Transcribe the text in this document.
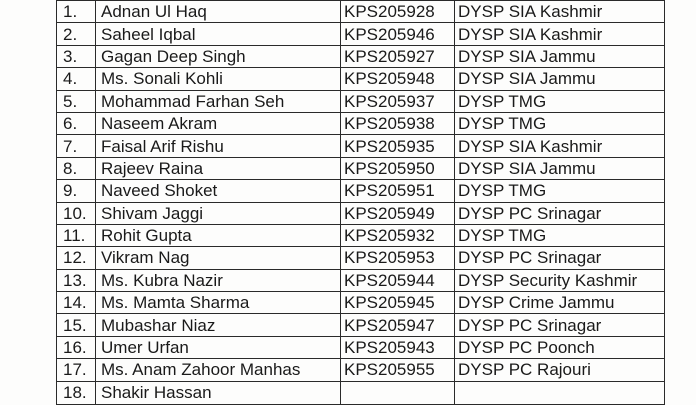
1.	Adnan Ul Haq	KPS205928	DYSP SIA Kashmir
2.	Saheel Iqbal	KPS205946	DYSP SIA Kashmir
3.	Gagan Deep Singh	KPS205927	DYSP SIA Jammu
4.	Ms. Sonali Kohli	KPS205948	DYSP SIA Jammu
5.	Mohammad Farhan Seh	KPS205937	DYSP TMG
6.	Naseem Akram	KPS205938	DYSP TMG
7.	Faisal Arif Rishu	KPS205935	DYSP SIA Kashmir
8.	Rajeev Raina	KPS205950	DYSP SIA Jammu
9.	Naveed Shoket	KPS205951	DYSP TMG
10.	Shivam Jaggi	KPS205949	DYSP PC Srinagar
11.	Rohit Gupta	KPS205932	DYSP TMG
12.	Vikram Nag	KPS205953	DYSP PC Srinagar
13.	Ms. Kubra Nazir	KPS205944	DYSP Security Kashmir
14.	Ms. Mamta Sharma	KPS205945	DYSP Crime Jammu
15.	Mubashar Niaz	KPS205947	DYSP PC Srinagar
16.	Umer Urfan	KPS205943	DYSP PC Poonch
17.	Ms. Anam Zahoor Manhas	KPS205955	DYSP PC Rajouri
18.	Shakir Hassan		
